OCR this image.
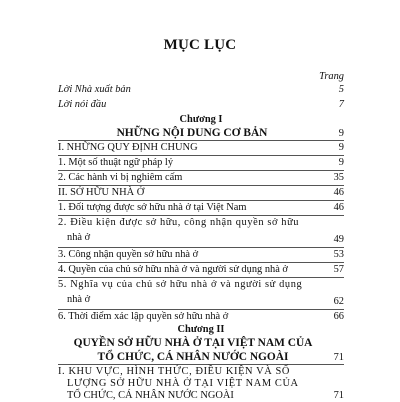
MỤC LỤC
Trang
Lời Nhà xuất bản	5
Lời nói đầu	7
Chương I
NHỮNG NỘI DUNG CƠ BẢN	9
I. NHỮNG QUY ĐỊNH CHUNG	9
1. Một số thuật ngữ pháp lý	9
2. Các hành vi bị nghiêm cấm	35
II. SỞ HỮU NHÀ Ở	46
1. Đối tượng được sở hữu nhà ở tại Việt Nam	46
2. Điều kiện được sở hữu, công nhận quyền sở hữu
nhà ở	49
3. Công nhận quyền sở hữu nhà ở	53
4. Quyền của chủ sở hữu nhà ở và người sử dụng nhà ở	57
5. Nghĩa vụ của chủ sở hữu nhà ở và người sử dụng
nhà ở	62
6. Thời điểm xác lập quyền sở hữu nhà ở	66
Chương II
QUYỀN SỞ HỮU NHÀ Ở TẠI VIỆT NAM CỦA
TỔ CHỨC, CÁ NHÂN NƯỚC NGOÀI	71
I. KHU VỰC, HÌNH THỨC, ĐIỀU KIỆN VÀ SỐ
LƯỢNG SỞ HỮU NHÀ Ở TẠI VIỆT NAM CỦA
TỔ CHỨC, CÁ NHÂN NƯỚC NGOÀI	71
